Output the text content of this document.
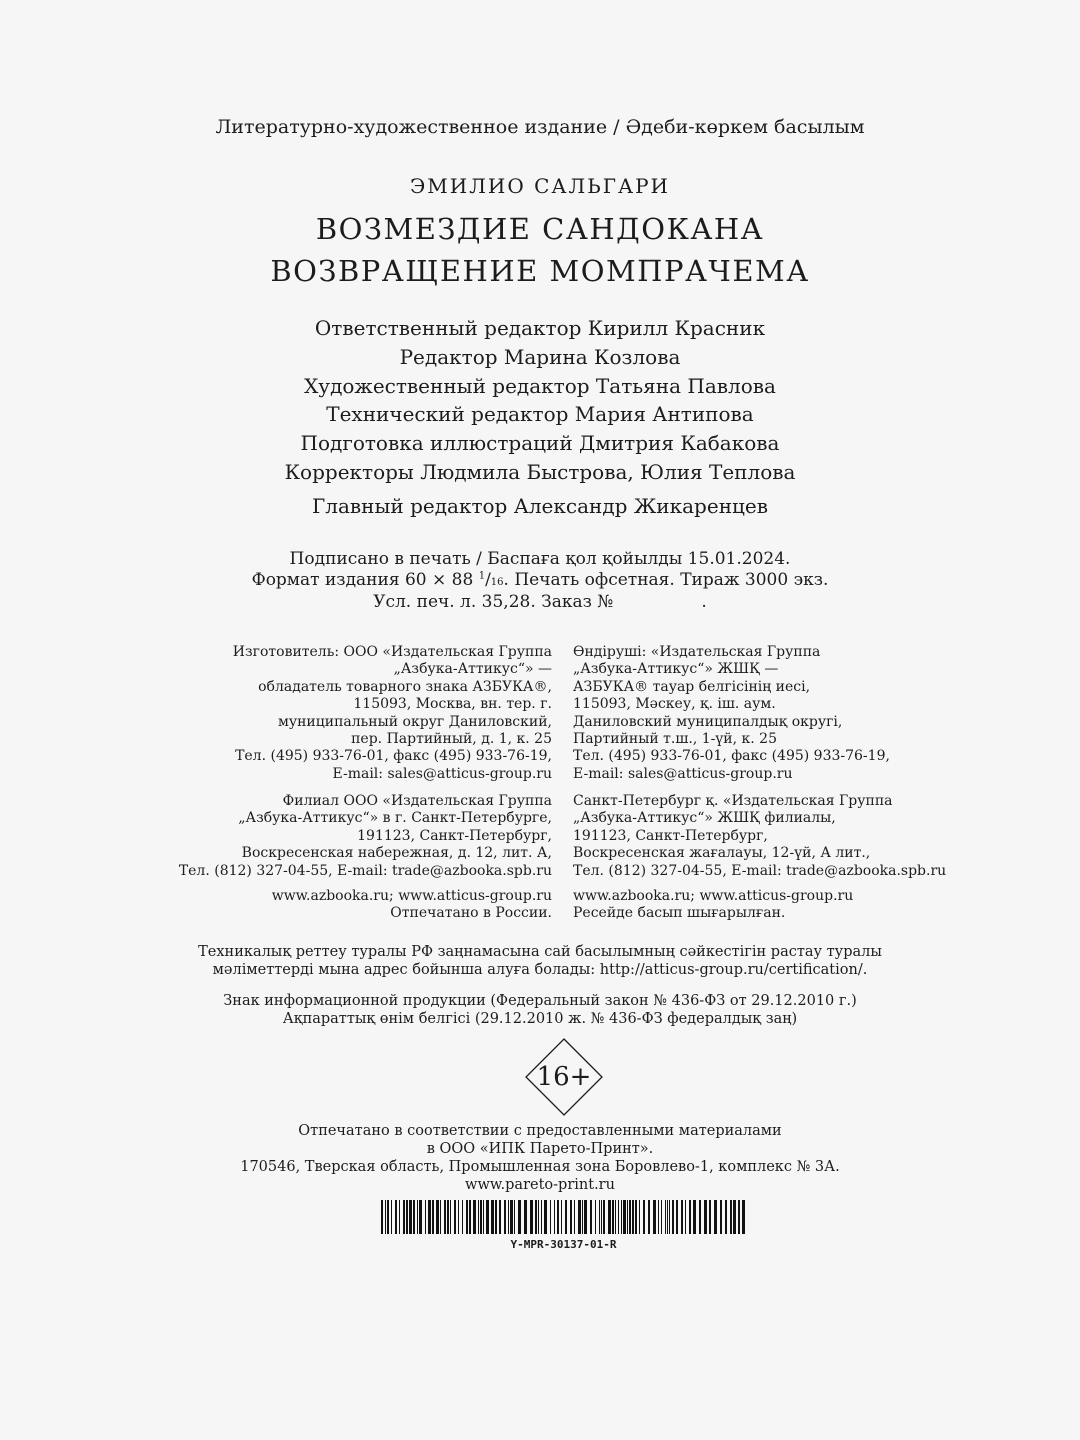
Литературно-художественное издание / Әдеби-көркем басылым
ЭМИЛИО САЛЬГАРИ
ВОЗМЕЗДИЕ САНДОКАНА
ВОЗВРАЩЕНИЕ МОМПРАЧЕМА
Ответственный редактор Кирилл Красник
Редактор Марина Козлова
Художественный редактор Татьяна Павлова
Технический редактор Мария Антипова
Подготовка иллюстраций Дмитрия Кабакова
Корректоры Людмила Быстрова, Юлия Теплова
Главный редактор Александр Жикаренцев
Подписано в печать / Баспаға қол қойылды 15.01.2024.
Формат издания 60 × 88 $^1$/16. Печать офсетная. Тираж 3000 экз.
Усл. печ. л. 35,28. Заказ №	.
Изготовитель: ООО «Издательская Группа
„Азбука-Аттикус“» —
обладатель товарного знака АЗБУКА®,
115093, Москва, вн. тер. г.
муниципальный округ Даниловский,
пер. Партийный, д. 1, к. 25
Тел. (495) 933-76-01, факс (495) 933-76-19,
E-mail: sales@atticus-group.ru
Өндіруші: «Издательская Группа
„Азбука-Аттикус“» ЖШҚ —
АЗБУКА® тауар белгісінің иесі,
115093, Мәскеу, қ. іш. аум.
Даниловский муниципалдық округі,
Партийный т.ш., 1-үй, к. 25
Тел. (495) 933-76-01, факс (495) 933-76-19,
E-mail: sales@atticus-group.ru
Филиал ООО «Издательская Группа
„Азбука-Аттикус“» в г. Санкт-Петербурге,
191123, Санкт-Петербург,
Воскресенская набережная, д. 12, лит. А,
Тел. (812) 327-04-55, E-mail: trade@azbooka.spb.ru
Санкт-Петербург қ. «Издательская Группа
„Азбука-Аттикус“» ЖШҚ филиалы,
191123, Санкт-Петербург,
Воскресенская жағалауы, 12-үй, А лит.,
Тел. (812) 327-04-55, E-mail: trade@azbooka.spb.ru
www.azbooka.ru; www.atticus-group.ru
Отпечатано в России.
www.azbooka.ru; www.atticus-group.ru
Ресейде басып шығарылған.
Техникалық реттеу туралы РФ заңнамасына сай басылымның сәйкестігін растау туралы
мәліметтерді мына адрес бойынша алуға болады: http://atticus-group.ru/certification/.
Знак информационной продукции (Федеральный закон № 436-ФЗ от 29.12.2010 г.)
Ақпараттық өнім белгісі (29.12.2010 ж. № 436-ФЗ федералдық заң)
16+
Отпечатано в соответствии с предоставленными материалами
в ООО «ИПК Парето-Принт».
170546, Тверская область, Промышленная зона Боровлево-1, комплекс № 3А.
www.pareto-print.ru
Y-MPR-30137-01-R
